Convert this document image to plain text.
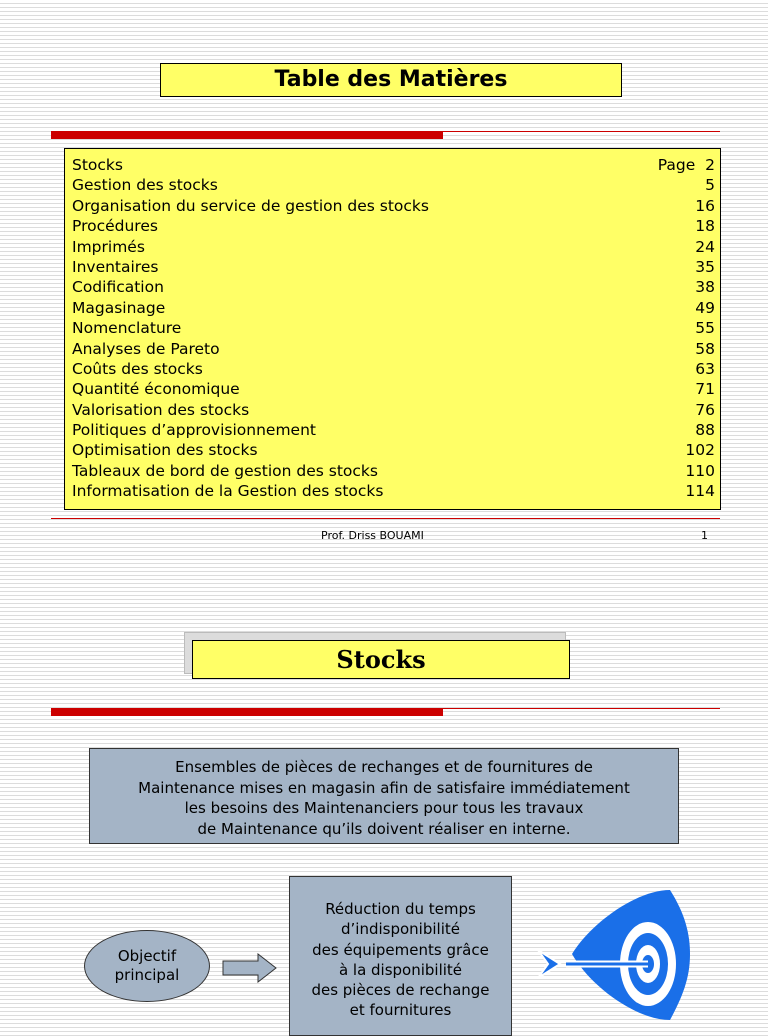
Table des Matières
Stocks	Page  2
Gestion des stocks	5
Organisation du service de gestion des stocks	16
Procédures	18
Imprimés	24
Inventaires	35
Codification	38
Magasinage	49
Nomenclature	55
Analyses de Pareto	58
Coûts des stocks	63
Quantité économique	71
Valorisation des stocks	76
Politiques d’approvisionnement	88
Optimisation des stocks	102
Tableaux de bord de gestion des stocks	110
Informatisation de la Gestion des stocks	114
Prof. Driss BOUAMI	1
Stocks
Ensembles de pièces de rechanges et de fournitures de
Maintenance mises en magasin afin de satisfaire immédiatement
les besoins des Maintenanciers pour tous les travaux
de Maintenance qu’ils doivent réaliser en interne.
Objectif
principal
Réduction du temps
d’indisponibilité
des équipements grâce
à la disponibilité
des pièces de rechange
et fournitures
